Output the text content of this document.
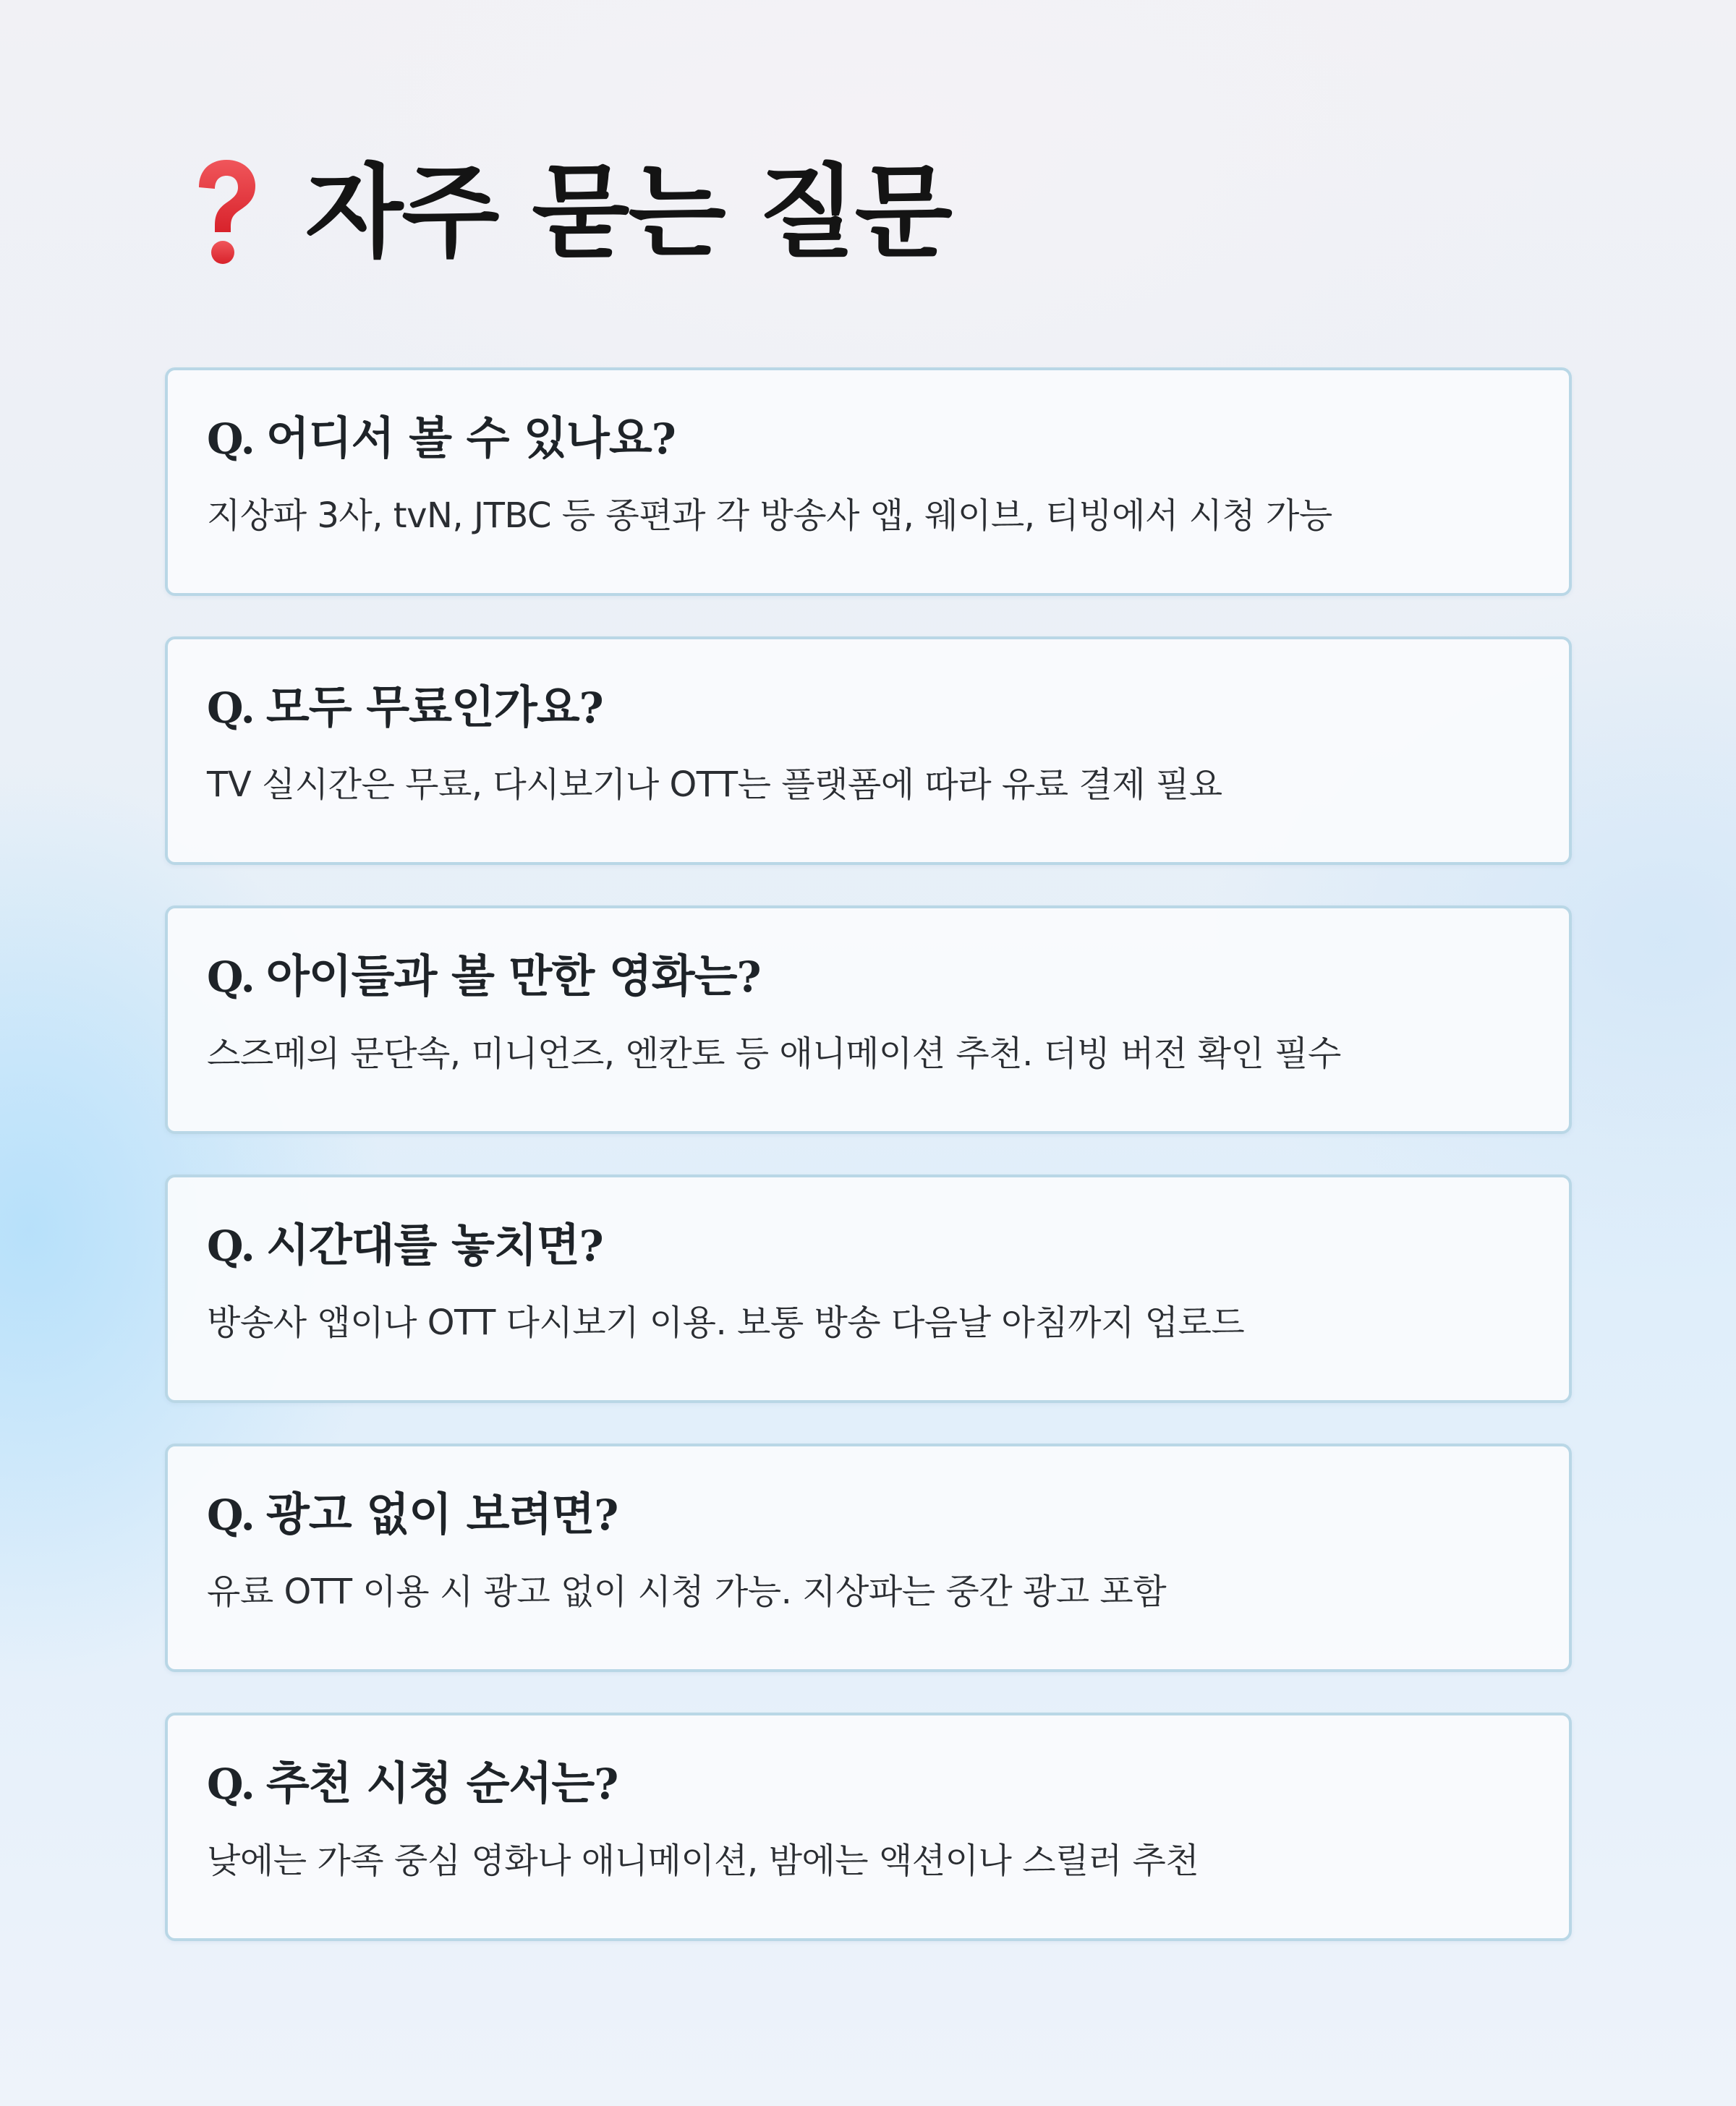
자주 묻는 질문
Q. 어디서 볼 수 있나요 ?
지상파 3사, tvN, JTBC 등 종편과 각 방송사 앱, 웨이브, 티빙에서 시청 가능
Q. 모두 무료인가요 ?
TV 실시간은 무료, 다시보기나 OTT는 플랫폼에 따라 유료 결제 필요
Q. 아이들과 볼 만한 영화는 ?
스즈메의 문단속, 미니언즈, 엔칸토 등 애니메이션 추천. 더빙 버전 확인 필수
Q. 시간대를 놓치면 ?
방송사 앱이나 OTT 다시보기 이용. 보통 방송 다음날 아침까지 업로드
Q. 광고 없이 보려면 ?
유료 OTT 이용 시 광고 없이 시청 가능. 지상파는 중간 광고 포함
Q. 추천 시청 순서는 ?
낮에는 가족 중심 영화나 애니메이션, 밤에는 액션이나 스릴러 추천
